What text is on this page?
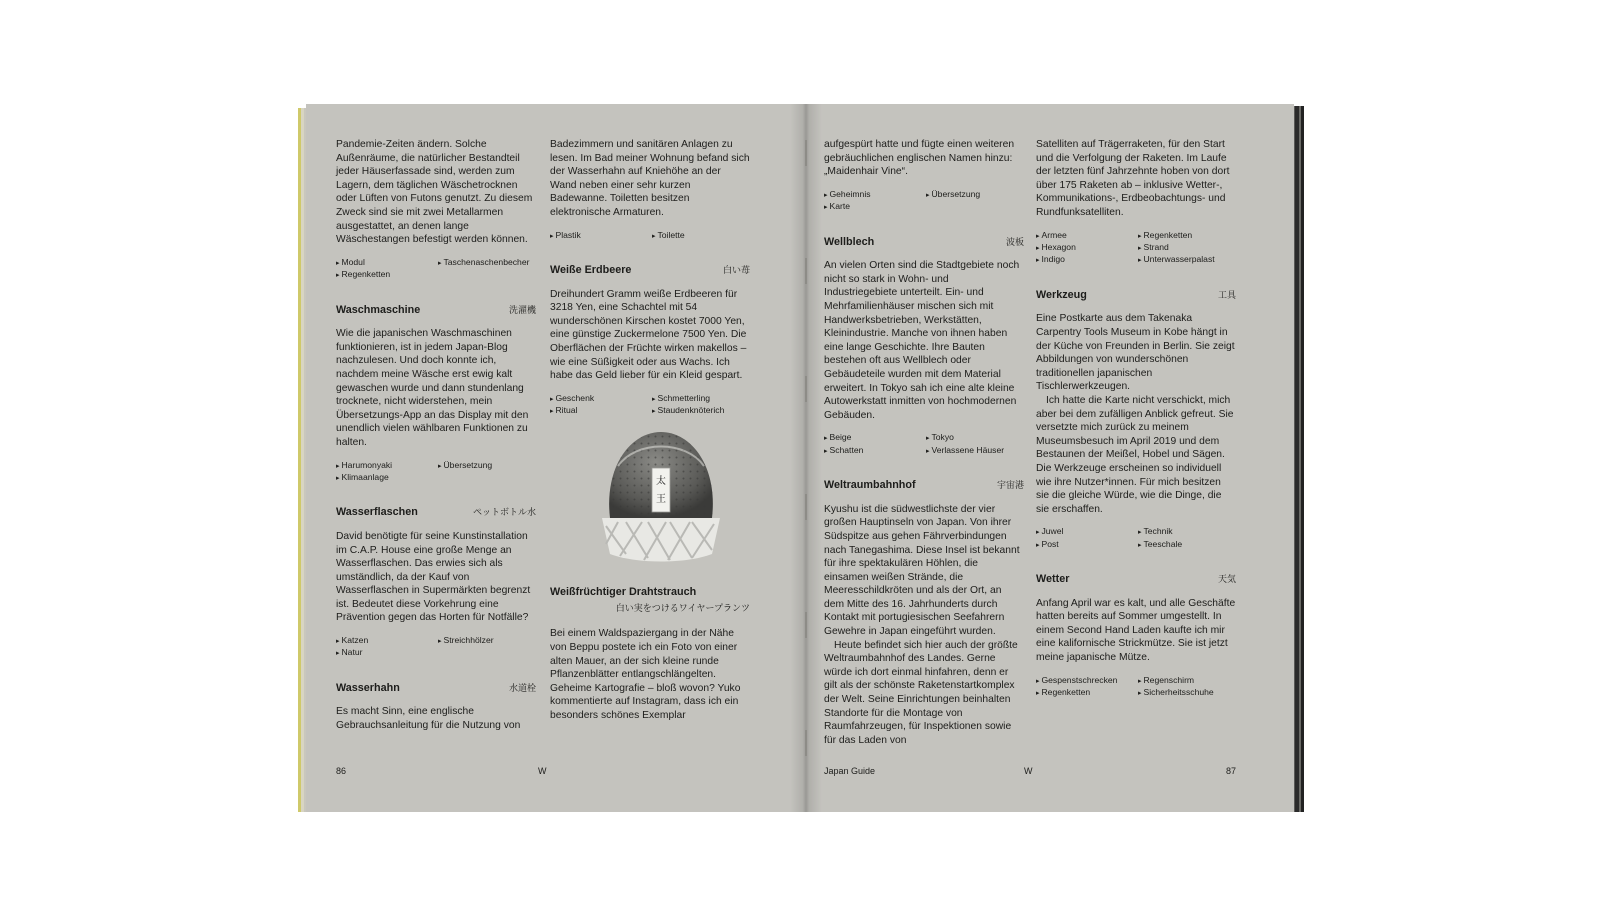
Pandemie-Zeiten ändern. Solche Außenräume, die natürlicher Bestandteil jeder Häuserfassade sind, werden zum Lagern, dem täglichen Wäschetrocknen oder Lüften von Futons genutzt. Zu diesem Zweck sind sie mit zwei Metallarmen ausgestattet, an denen lange Wäschestangen befestigt werden können.

▸ Modul	▸ Taschenaschenbecher
▸ Regenketten
Waschmaschine	洗濯機

Wie die japanischen Waschmaschinen funktionieren, ist in jedem Japan-Blog nachzulesen. Und doch konnte ich, nachdem meine Wäsche erst ewig kalt gewaschen wurde und dann stundenlang trocknete, nicht widerstehen, mein Übersetzungs-App an das Display mit den unendlich vielen wählbaren Funktionen zu halten.

▸ Harumonyaki	▸ Übersetzung
▸ Klimaanlage
Wasserflaschen	ペットボトル水

David benötigte für seine Kunstinstallation im C.A.P. House eine große Menge an Wasserflaschen. Das erwies sich als umständlich, da der Kauf von Wasserflaschen in Supermärkten begrenzt ist. Bedeutet diese Vorkehrung eine Prävention gegen das Horten für Notfälle?

▸ Katzen	▸ Streichhölzer
▸ Natur
Wasserhahn	水道栓

Es macht Sinn, eine englische Gebrauchsanleitung für die Nutzung von

Badezimmern und sanitären Anlagen zu lesen. Im Bad meiner Wohnung befand sich der Wasserhahn auf Kniehöhe an der Wand neben einer sehr kurzen Badewanne. Toiletten besitzen elektronische Armaturen.

▸ Plastik	▸ Toilette
Weiße Erdbeere	白い苺

Dreihundert Gramm weiße Erdbeeren für 3218 Yen, eine Schachtel mit 54 wunderschönen Kirschen kostet 7000 Yen, eine günstige Zuckermelone 7500 Yen. Die Oberflächen der Früchte wirken makellos – wie eine Süßigkeit oder aus Wachs. Ich habe das Geld lieber für ein Kleid gespart.

▸ Geschenk	▸ Schmetterling
▸ Ritual	▸ Staudenknöterich
太
王
Weißfrüchtiger Drahtstrauch
白い実をつけるワイヤープランツ

Bei einem Waldspaziergang in der Nähe von Beppu postete ich ein Foto von einer alten Mauer, an der sich kleine runde Pflanzenblätter entlangschlängelten. Geheime Kartografie – bloß wovon? Yuko kommentierte auf Instagram, dass ich ein besonders schönes Exemplar

86	W

aufgespürt hatte und fügte einen weiteren gebräuchlichen englischen Namen hinzu: „Maidenhair Vine“.

▸ Geheimnis	▸ Übersetzung
▸ Karte
Wellblech	波板

An vielen Orten sind die Stadtgebiete noch nicht so stark in Wohn- und Industriegebiete unterteilt. Ein- und Mehrfamilienhäuser mischen sich mit Handwerksbetrieben, Werkstätten, Kleinindustrie. Manche von ihnen haben eine lange Geschichte. Ihre Bauten bestehen oft aus Wellblech oder Gebäudeteile wurden mit dem Material erweitert. In Tokyo sah ich eine alte kleine Autowerkstatt inmitten von hochmodernen Gebäuden.

▸ Beige	▸ Tokyo
▸ Schatten	▸ Verlassene Häuser
Weltraumbahnhof	宇宙港

Kyushu ist die südwestlichste der vier großen Hauptinseln von Japan. Von ihrer Südspitze aus gehen Fährverbindungen nach Tanegashima. Diese Insel ist bekannt für ihre spektakulären Höhlen, die einsamen weißen Strände, die Meeresschildkröten und als der Ort, an dem Mitte des 16. Jahrhunderts durch Kontakt mit portugiesischen Seefahrern Gewehre in Japan eingeführt wurden.

Heute befindet sich hier auch der größte Weltraumbahnhof des Landes. Gerne würde ich dort einmal hinfahren, denn er gilt als der schönste Raketenstartkomplex der Welt. Seine Einrichtungen beinhalten Standorte für die Montage von Raumfahrzeugen, für Inspektionen sowie für das Laden von

Satelliten auf Trägerraketen, für den Start und die Verfolgung der Raketen. Im Laufe der letzten fünf Jahrzehnte hoben von dort über 175 Raketen ab – inklusive Wetter-, Kommunikations-, Erdbeobachtungs- und Rundfunksatelliten.

▸ Armee	▸ Regenketten
▸ Hexagon	▸ Strand
▸ Indigo	▸ Unterwasserpalast
Werkzeug	工具

Eine Postkarte aus dem Takenaka Carpentry Tools Museum in Kobe hängt in der Küche von Freunden in Berlin. Sie zeigt Abbildungen von wunderschönen traditionellen japanischen Tischlerwerkzeugen.

Ich hatte die Karte nicht verschickt, mich aber bei dem zufälligen Anblick gefreut. Sie versetzte mich zurück zu meinem Museumsbesuch im April 2019 und dem Bestaunen der Meißel, Hobel und Sägen. Die Werkzeuge erscheinen so individuell wie ihre Nutzer*innen. Für mich besitzen sie die gleiche Würde, wie die Dinge, die sie erschaffen.

▸ Juwel	▸ Technik
▸ Post	▸ Teeschale
Wetter	天気

Anfang April war es kalt, und alle Geschäfte hatten bereits auf Sommer umgestellt. In einem Second Hand Laden kaufte ich mir eine kalifornische Strickmütze. Sie ist jetzt meine japanische Mütze.

▸ Gespenstschrecken	▸ Regenschirm
▸ Regenketten	▸ Sicherheitsschuhe
Japan Guide	W	87
